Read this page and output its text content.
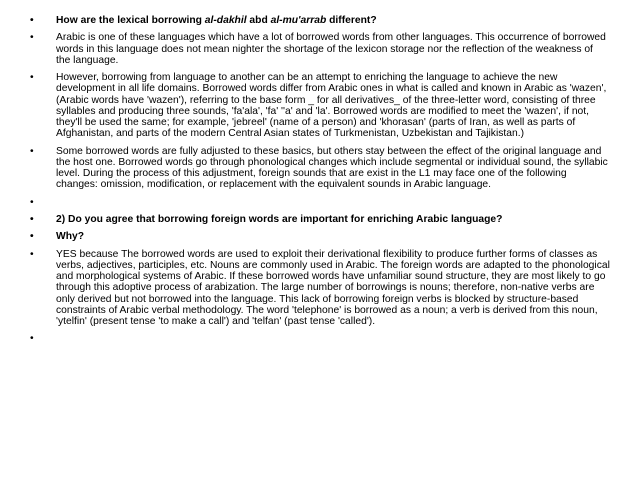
• How are the lexical borrowing al-dakhil abd al-mu'arrab different?
• Arabic is one of these languages which have a lot of borrowed words from other languages. This occurrence of borrowed words in this language does not mean nighter the shortage of the lexicon storage nor the reflection of the weakness of the language.
• However, borrowing from language to another can be an attempt to enriching the language to achieve the new development in all life domains. Borrowed words differ from Arabic ones in what is called and known in Arabic as 'wazen', (Arabic words have 'wazen'), referring to the base form _ for all derivatives_ of the three-letter word, consisting of three syllables and producing three sounds, 'fa'ala', 'fa' ''a' and 'la'. Borrowed words are modified to meet the 'wazen', if not, they'll be used the same; for example, 'jebreel' (name of a person) and 'khorasan' (parts of Iran, as well as parts of Afghanistan, and parts of the modern Central Asian states of Turkmenistan, Uzbekistan and Tajikistan.)
• Some borrowed words are fully adjusted to these basics, but others stay between the effect of the original language and the host one. Borrowed words go through phonological changes which include segmental or individual sound, the syllabic level. During the process of this adjustment, foreign sounds that are exist in the L1 may face one of the following changes: omission, modification, or replacement with the equivalent sounds in Arabic language.
•
• 2) Do you agree that borrowing foreign words are important for enriching Arabic language?
• Why?
• YES because The borrowed words are used to exploit their derivational flexibility to produce further forms of classes as verbs, adjectives, participles, etc. Nouns are commonly used in Arabic. The foreign words are adapted to the phonological and morphological systems of Arabic. If these borrowed words have unfamiliar sound structure, they are most likely to go through this adoptive process of arabization. The large number of borrowings is nouns; therefore, non-native verbs are only derived but not borrowed into the language. This lack of borrowing foreign verbs is blocked by structure-based constraints of Arabic verbal methodology. The word 'telephone' is borrowed as a noun; a verb is derived from this noun, 'ytelfin' (present tense 'to make a call') and 'telfan' (past tense 'called').
•
